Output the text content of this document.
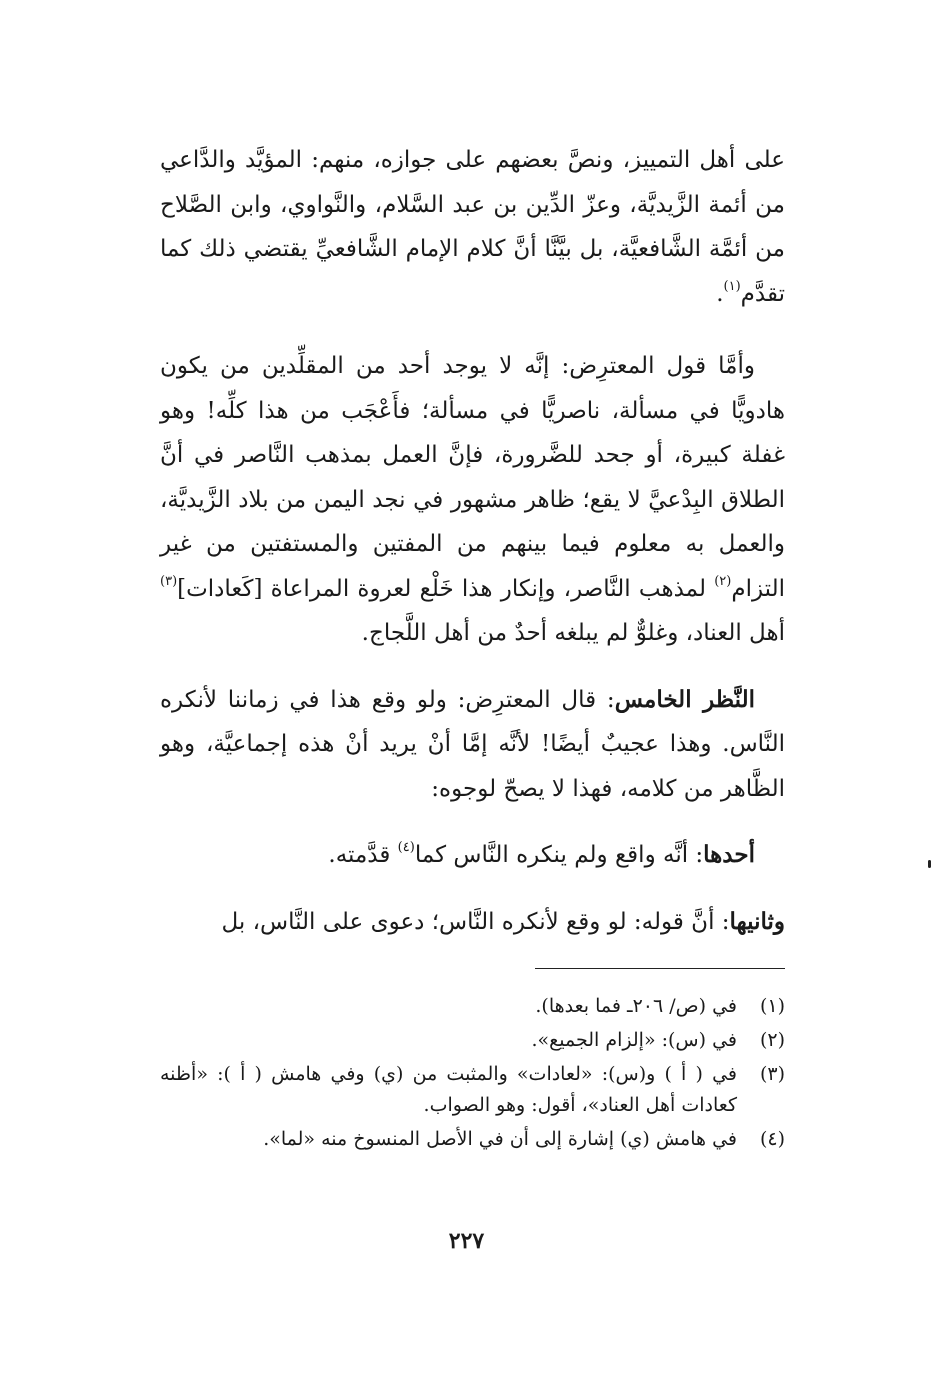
على أهل التمييز، ونصَّ بعضهم على جوازه، منهم: المؤيَّد والدَّاعي من أئمة الزَّيديَّة، وعزّ الدِّين بن عبد السَّلام، والنَّواوي، وابن الصَّلاح من أئمَّة الشَّافعيَّة، بل بيَّنَّا أنَّ كلام الإمام الشَّافعيِّ يقتضي ذلك كما تقدَّم$^{(١)}$.

وأمَّا قول المعترِض: إنَّه لا يوجد أحد من المقلِّدين من يكون هادويًّا في مسألة، ناصريًّا في مسألة؛ فأَعْجَب من هذا كلِّه! وهو غفلة كبيرة، أو جحد للضَّرورة، فإنَّ العمل بمذهب النَّاصر في أنَّ الطلاق البِدْعيَّ لا يقع؛ ظاهر مشهور في نجد اليمن من بلاد الزَّيديَّة، والعمل به معلوم فيما بينهم من المفتين والمستفتين من غير التزام$^{(٢)}$ لمذهب النَّاصر، وإنكار هذا خَلْع لعروة المراعاة [كَعادات]$^{(٣)}$ أهل العناد، وغلوٌّ لم يبلغه أحدٌ من أهل اللَّجاج.

النَّظر الخامس: قال المعترِض: ولو وقع هذا في زماننا لأنكره النَّاس. وهذا عجيبٌ أيضًا! لأنَّه إمَّا أنْ يريد أنْ هذه إجماعيَّة، وهو الظَّاهر من كلامه، فهذا لا يصحّ لوجوه:

أحدها: أنَّه واقع ولم ينكره النَّاس كما$^{(٤)}$ قدَّمته.

وثانيها: أنَّ قوله: لو وقع لأنكره النَّاس؛ دعوى على النَّاس، بل

(١)
في (ص/ ٢٠٦ـ فما بعدها).
(٢)
في (س): «إلزام الجميع».
(٣)
في ( أ ) و(س): «لعادات» والمثبت من (ي) وفي هامش ( أ ): «أظنه كعادات أهل العناد»، أقول: وهو الصواب.
(٤)
في هامش (ي) إشارة إلى أن في الأصل المنسوخ منه «لما».
٢٢٧
